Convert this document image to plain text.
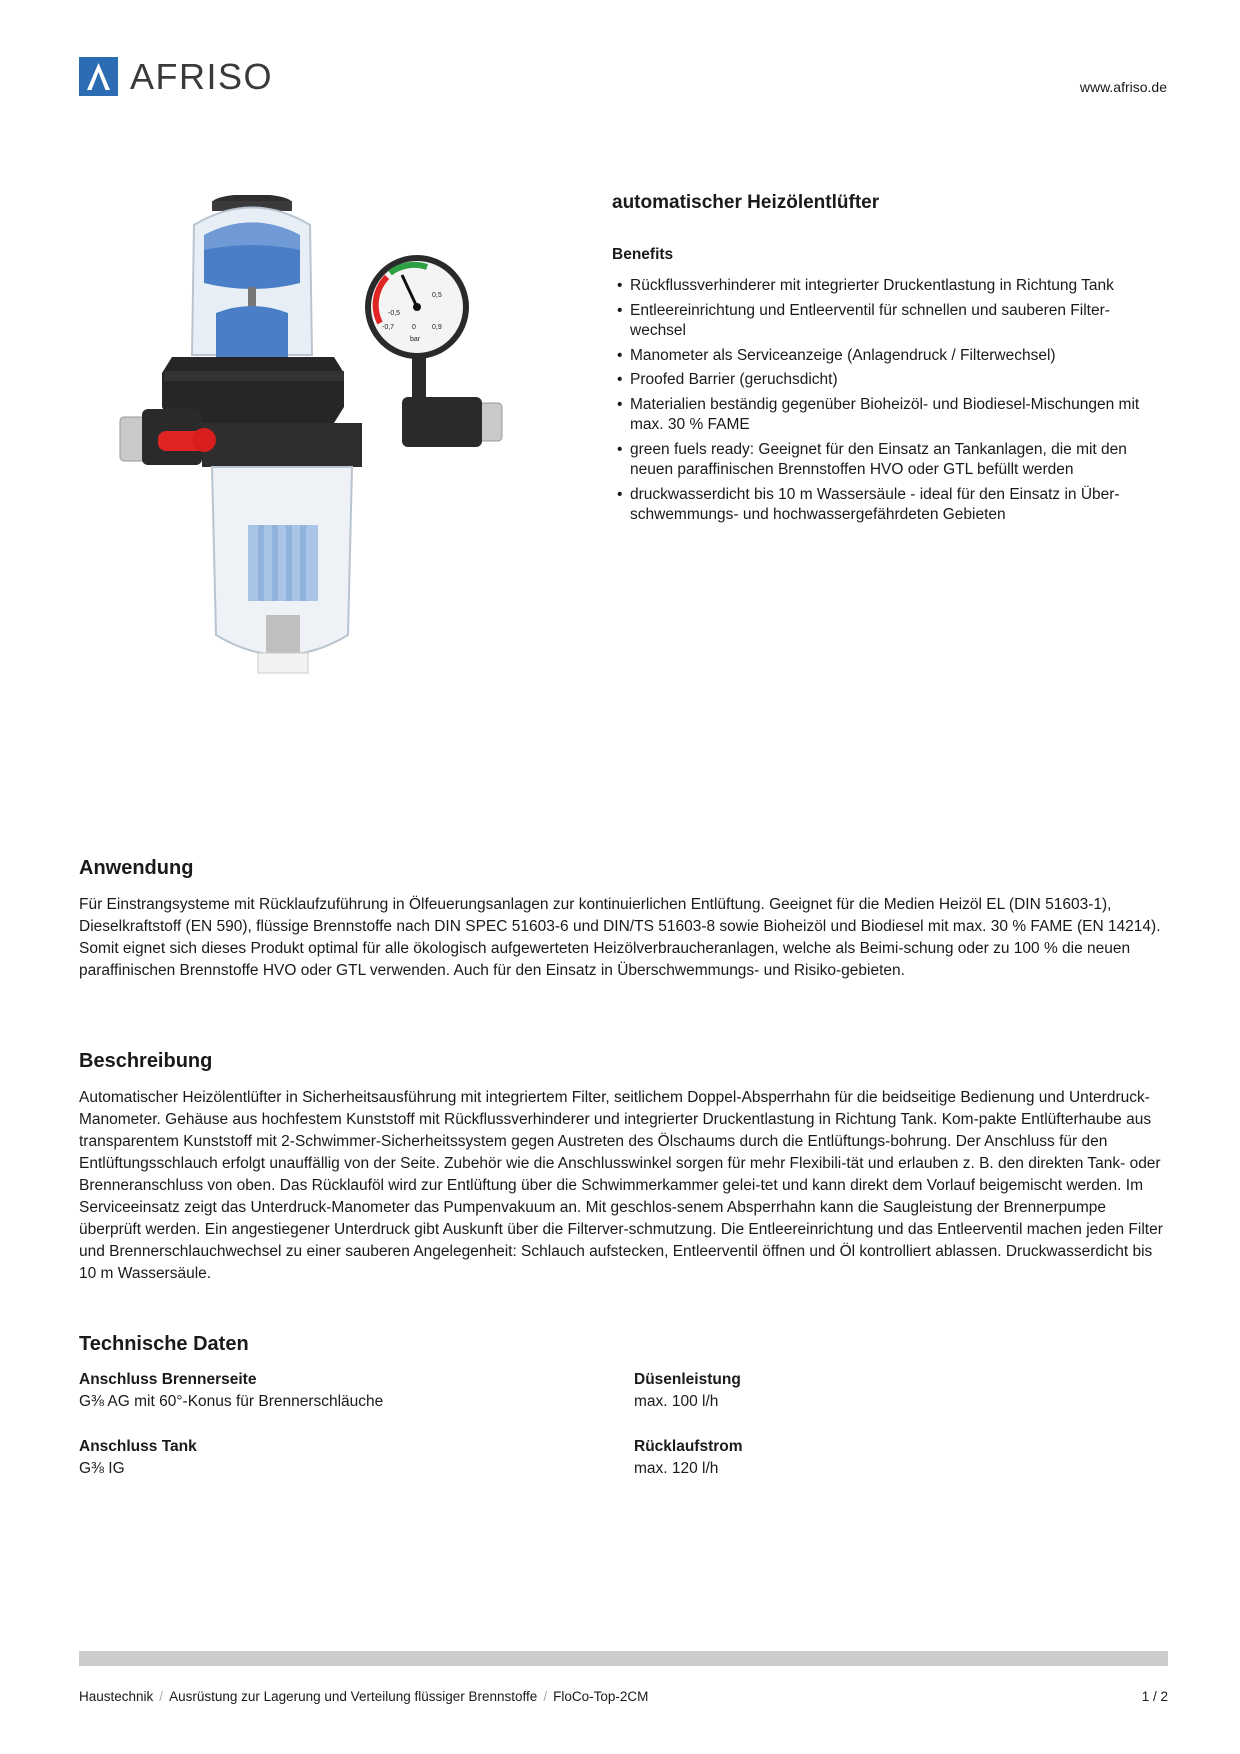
AFRISO	www.afriso.de
-0,5
0,5
-0,7	0 0,9
bar
automatischer Heizölentlüfter
Benefits
• Rückflussverhinderer mit integrierter Druckentlastung in Richtung Tank
• Entleereinrichtung und Entleerventil für schnellen und sauberen Filter-
wechsel
• Manometer als Serviceanzeige (Anlagendruck / Filterwechsel)
• Proofed Barrier (geruchsdicht)
• Materialien beständig gegenüber Bioheizöl- und Biodiesel-Mischungen mit max. 30 % FAME
• green fuels ready: Geeignet für den Einsatz an Tankanlagen, die mit den neuen paraffinischen Brennstoffen HVO oder GTL befüllt werden
• druckwasserdicht bis 10 m Wassersäule - ideal für den Einsatz in Über-
schwemmungs- und hochwassergefährdeten Gebieten
Anwendung
Für Einstrangsysteme mit Rücklaufzuführung in Ölfeuerungsanlagen zur kontinuierlichen Entlüftung. Geeignet für die Medien Heizöl EL (DIN 51603-1), Dieselkraftstoff (EN 590), flüssige Brennstoffe nach DIN SPEC 51603-6 und DIN/TS 51603-8 sowie Bioheizöl und Biodiesel mit max. 30 % FAME (EN 14214). Somit eignet sich dieses Produkt optimal für alle ökologisch aufgewerteten Heizölverbraucheranlagen, welche als Beimi-schung oder zu 100 % die neuen paraffinischen Brennstoffe HVO oder GTL verwenden. Auch für den Einsatz in Überschwemmungs- und Risiko-gebieten.
Beschreibung
Automatischer Heizölentlüfter in Sicherheitsausführung mit integriertem Filter, seitlichem Doppel-Absperrhahn für die beidseitige Bedienung und Unterdruck-Manometer. Gehäuse aus hochfestem Kunststoff mit Rückflussverhinderer und integrierter Druckentlastung in Richtung Tank. Kom-pakte Entlüfterhaube aus transparentem Kunststoff mit 2-Schwimmer-Sicherheitssystem gegen Austreten des Ölschaums durch die Entlüftungs-bohrung. Der Anschluss für den Entlüftungsschlauch erfolgt unauffällig von der Seite. Zubehör wie die Anschlusswinkel sorgen für mehr Flexibili-tät und erlauben z. B. den direkten Tank- oder Brenneranschluss von oben. Das Rücklauföl wird zur Entlüftung über die Schwimmerkammer gelei-tet und kann direkt dem Vorlauf beigemischt werden. Im Serviceeinsatz zeigt das Unterdruck-Manometer das Pumpenvakuum an. Mit geschlos-senem Absperrhahn kann die Saugleistung der Brennerpumpe überprüft werden. Ein angestiegener Unterdruck gibt Auskunft über die Filterver-schmutzung. Die Entleereinrichtung und das Entleerventil machen jeden Filter und Brennerschlauchwechsel zu einer sauberen Angelegenheit: Schlauch aufstecken, Entleerventil öffnen und Öl kontrolliert ablassen. Druckwasserdicht bis 10 m Wassersäule.
Technische Daten
Anschluss Brennerseite
G⅜ AG mit 60°-Konus für Brennerschläuche
Düsenleistung
max. 100 l/h
Anschluss Tank
G⅜ IG
Rücklaufstrom
max. 120 l/h
Haustechnik / Ausrüstung zur Lagerung und Verteilung flüssiger Brennstoffe / FloCo-Top-2CM	1 / 2
